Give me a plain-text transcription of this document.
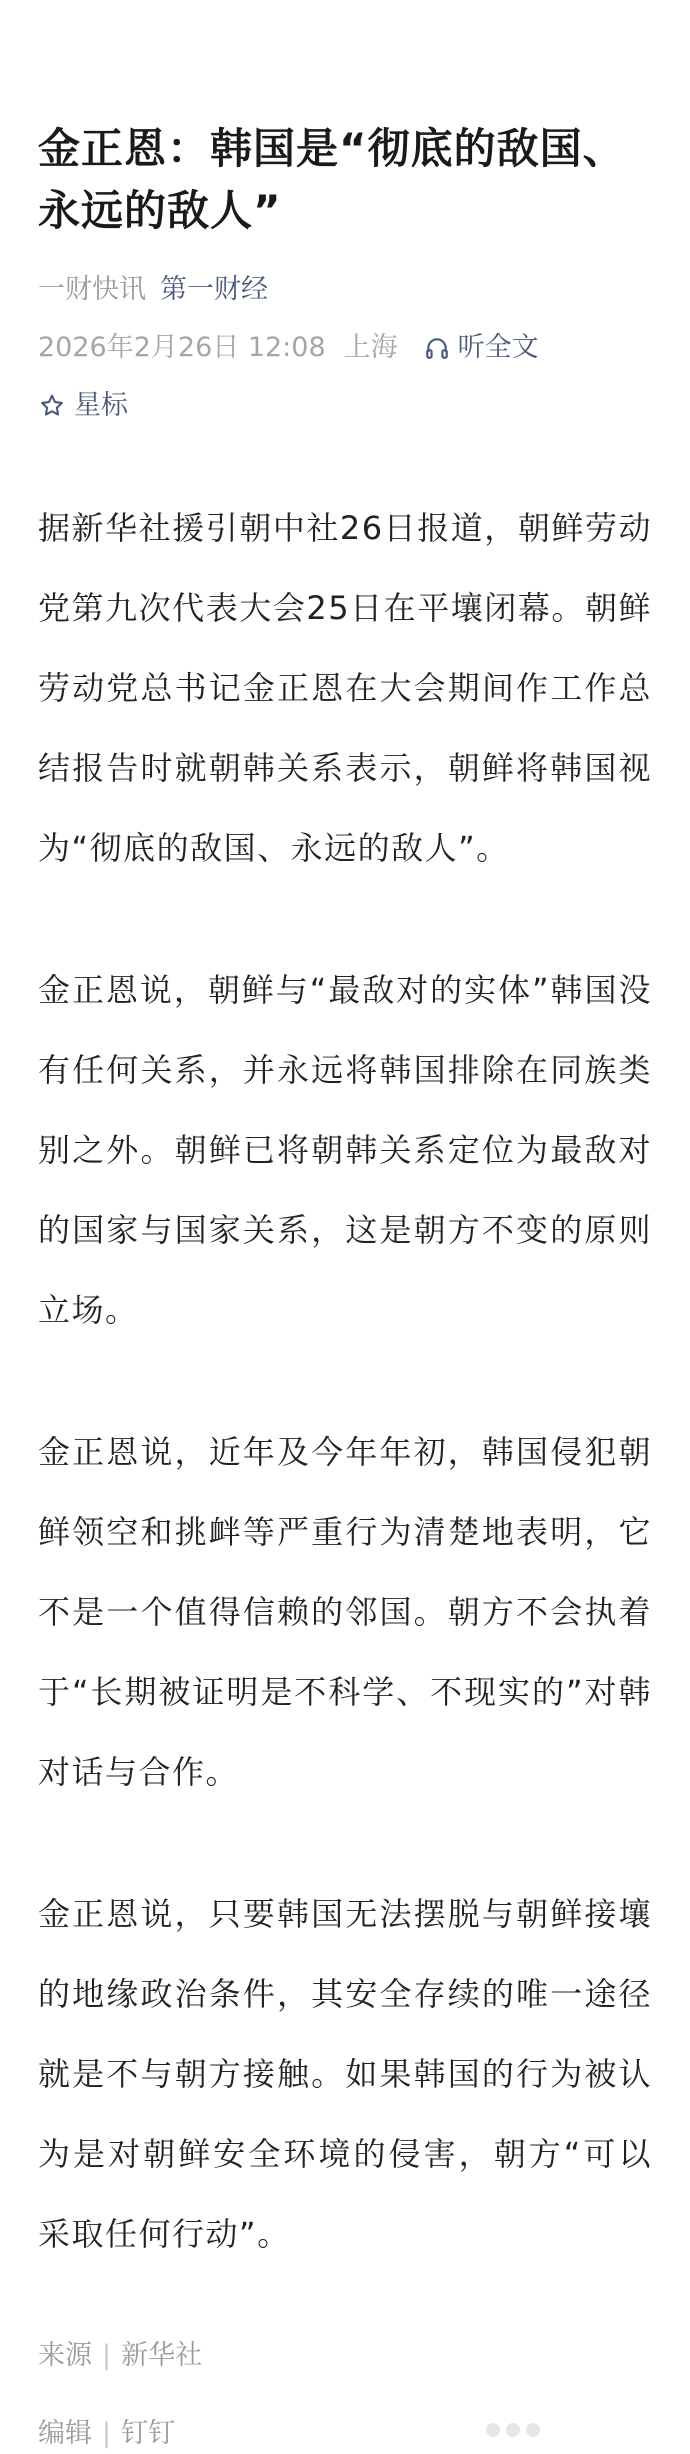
金正恩：韩国是“彻底的敌国、永远的敌人”
一财快讯 第一财经
2026年2月26日 12:08 上海 听全文
星标

据新华社援引朝中社26日报道，朝鲜劳动党第九次代表大会25日在平壤闭幕。朝鲜劳动党总书记金正恩在大会期间作工作总结报告时就朝韩关系表示，朝鲜将韩国视为“彻底的敌国、永远的敌人”。

金正恩说，朝鲜与“最敌对的实体”韩国没有任何关系，并永远将韩国排除在同族类别之外。朝鲜已将朝韩关系定位为最敌对的国家与国家关系，这是朝方不变的原则立场。

金正恩说，近年及今年年初，韩国侵犯朝鲜领空和挑衅等严重行为清楚地表明，它不是一个值得信赖的邻国。朝方不会执着于“长期被证明是不科学、不现实的”对韩对话与合作。

金正恩说，只要韩国无法摆脱与朝鲜接壤的地缘政治条件，其安全存续的唯一途径就是不与朝方接触。如果韩国的行为被认为是对朝鲜安全环境的侵害，朝方“可以采取任何行动”。

来源 | 新华社
编辑 | 钉钉
